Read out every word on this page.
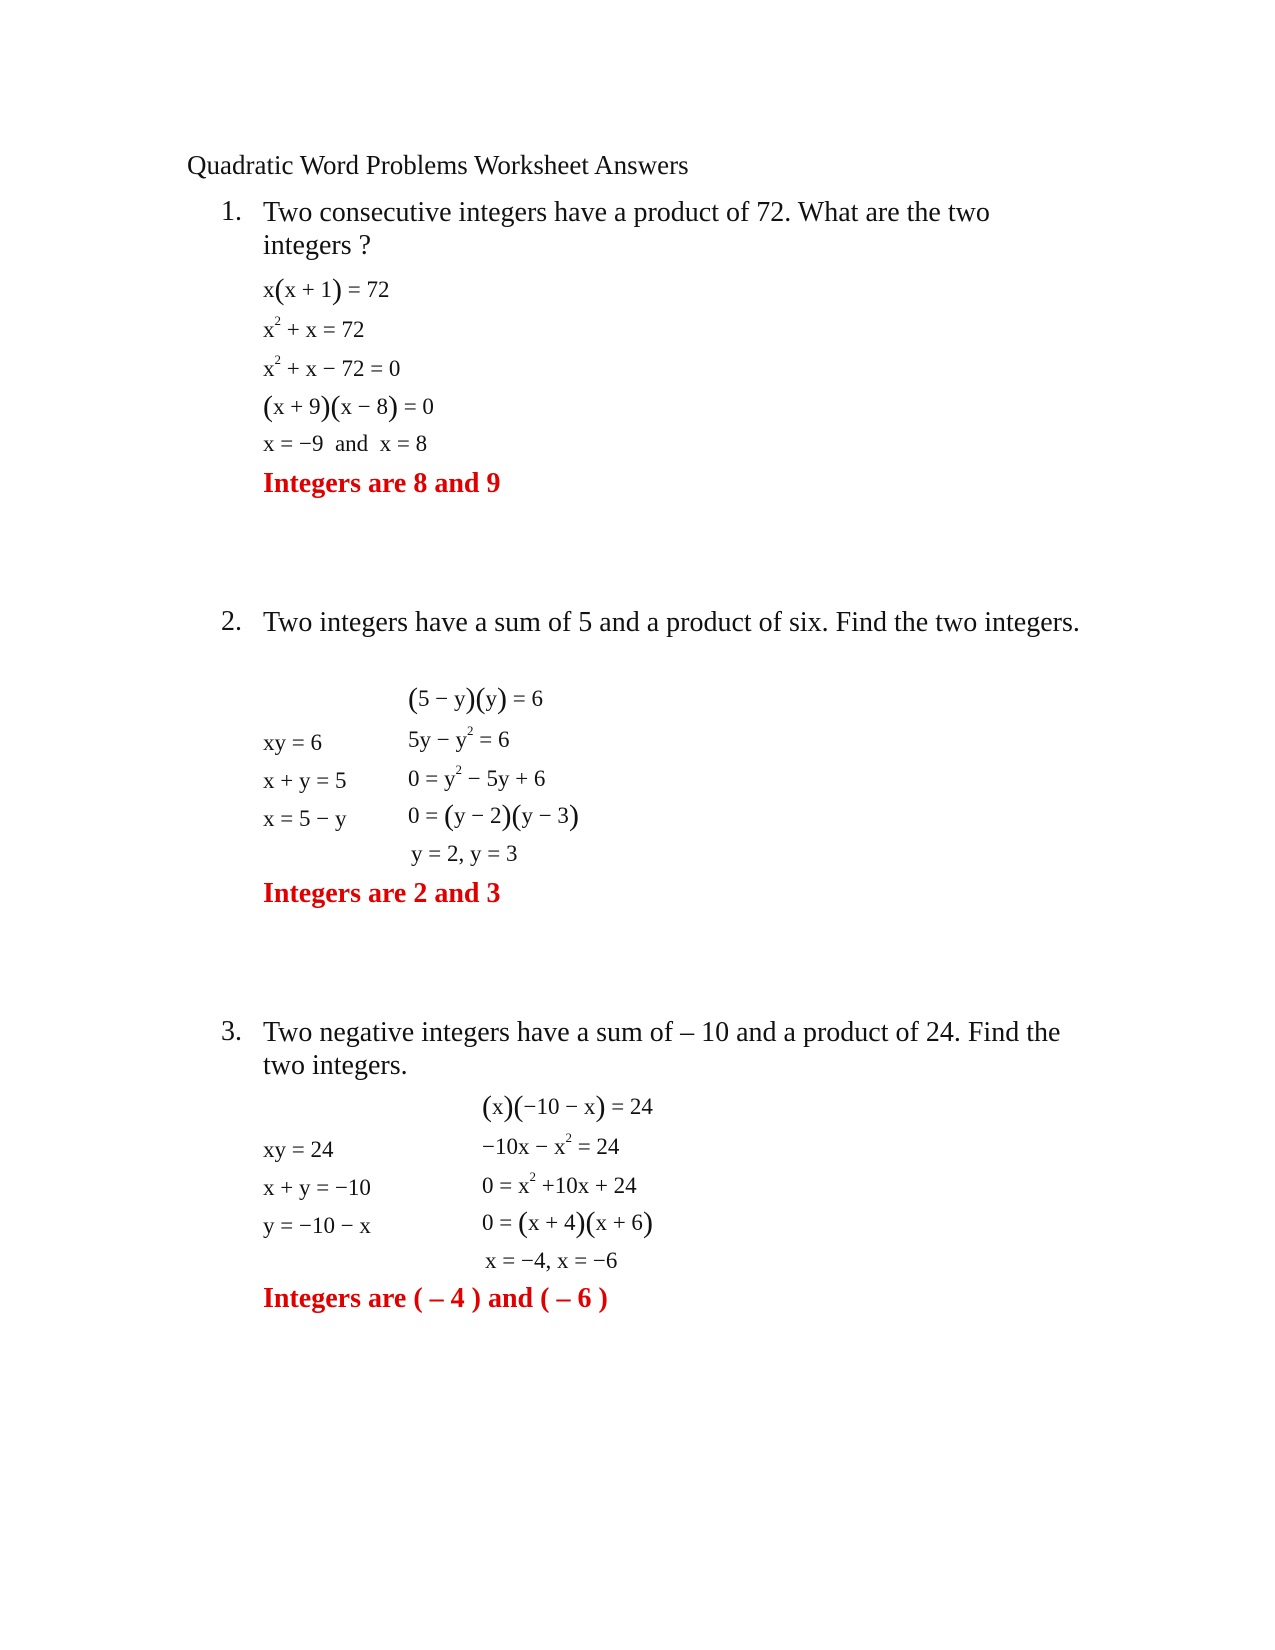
Quadratic Word Problems Worksheet Answers
1. Two consecutive integers have a product of 72. What are the two integers ?
x(x + 1) = 72
$x^2 + x = 72$
$x^2 + x - 72 = 0$
(x + 9)(x − 8) = 0
x = −9  and  x = 8
Integers are 8 and 9
2. Two integers have a sum of 5 and a product of six. Find the two integers.
xy = 6
x + y = 5
x = 5 − y
(5 − y)(y) = 6
$5y - y^2 = 6$
$0 = y^2 - 5y + 6$
0 = (y − 2)(y − 3)
y = 2, y = 3
Integers are 2 and 3
3. Two negative integers have a sum of – 10 and a product of 24. Find the two integers.
xy = 24
x + y = −10
y = −10 − x
(x)(−10 − x) = 24
$-10x - x^2 = 24$
$0 = x^2 +10x + 24$
0 = (x + 4)(x + 6)
x = −4, x = −6
Integers are ( – 4 ) and ( – 6 )
